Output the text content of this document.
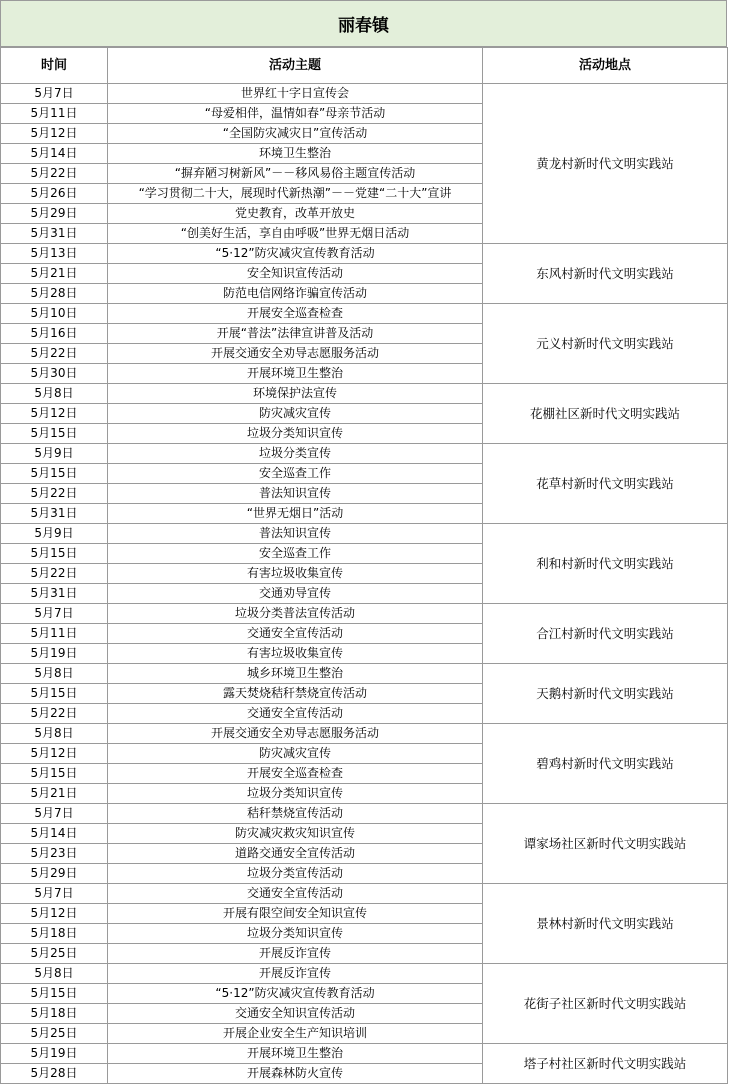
丽春镇
时间	活动主题	活动地点
5月7日	世界红十字日宣传会	黄龙村新时代文明实践站
5月11日	“母爱相伴，温情如春”母亲节活动	
5月12日	“全国防灾减灾日”宣传活动	
5月14日	环境卫生整治	
5月22日	“摒弃陋习树新风”－－移风易俗主题宣传活动	
5月26日	“学习贯彻二十大，展现时代新热潮”－－党建“二十大”宣讲	
5月29日	党史教育，改革开放史	
5月31日	“创美好生活，享自由呼吸”世界无烟日活动	
5月13日	“5·12”防灾减灾宣传教育活动	东风村新时代文明实践站
5月21日	安全知识宣传活动	
5月28日	防范电信网络诈骗宣传活动	
5月10日	开展安全巡查检查	元义村新时代文明实践站
5月16日	开展“普法”法律宣讲普及活动	
5月22日	开展交通安全劝导志愿服务活动	
5月30日	开展环境卫生整治	
5月8日	环境保护法宣传	花棚社区新时代文明实践站
5月12日	防灾减灾宣传	
5月15日	垃圾分类知识宣传	
5月9日	垃圾分类宣传	花草村新时代文明实践站
5月15日	安全巡查工作	
5月22日	普法知识宣传	
5月31日	“世界无烟日”活动	
5月9日	普法知识宣传	利和村新时代文明实践站
5月15日	安全巡查工作	
5月22日	有害垃圾收集宣传	
5月31日	交通劝导宣传	
5月7日	垃圾分类普法宣传活动	合江村新时代文明实践站
5月11日	交通安全宣传活动	
5月19日	有害垃圾收集宣传	
5月8日	城乡环境卫生整治	天鹅村新时代文明实践站
5月15日	露天焚烧秸秆禁烧宣传活动	
5月22日	交通安全宣传活动	
5月8日	开展交通安全劝导志愿服务活动	碧鸡村新时代文明实践站
5月12日	防灾减灾宣传	
5月15日	开展安全巡查检查	
5月21日	垃圾分类知识宣传	
5月7日	秸秆禁烧宣传活动	谭家场社区新时代文明实践站
5月14日	防灾减灾救灾知识宣传	
5月23日	道路交通安全宣传活动	
5月29日	垃圾分类宣传活动	
5月7日	交通安全宣传活动	景林村新时代文明实践站
5月12日	开展有限空间安全知识宣传	
5月18日	垃圾分类知识宣传	
5月25日	开展反诈宣传	
5月8日	开展反诈宣传	花街子社区新时代文明实践站
5月15日	“5·12”防灾减灾宣传教育活动	
5月18日	交通安全知识宣传活动	
5月25日	开展企业安全生产知识培训	
5月19日	开展环境卫生整治	塔子村社区新时代文明实践站
5月28日	开展森林防火宣传	
